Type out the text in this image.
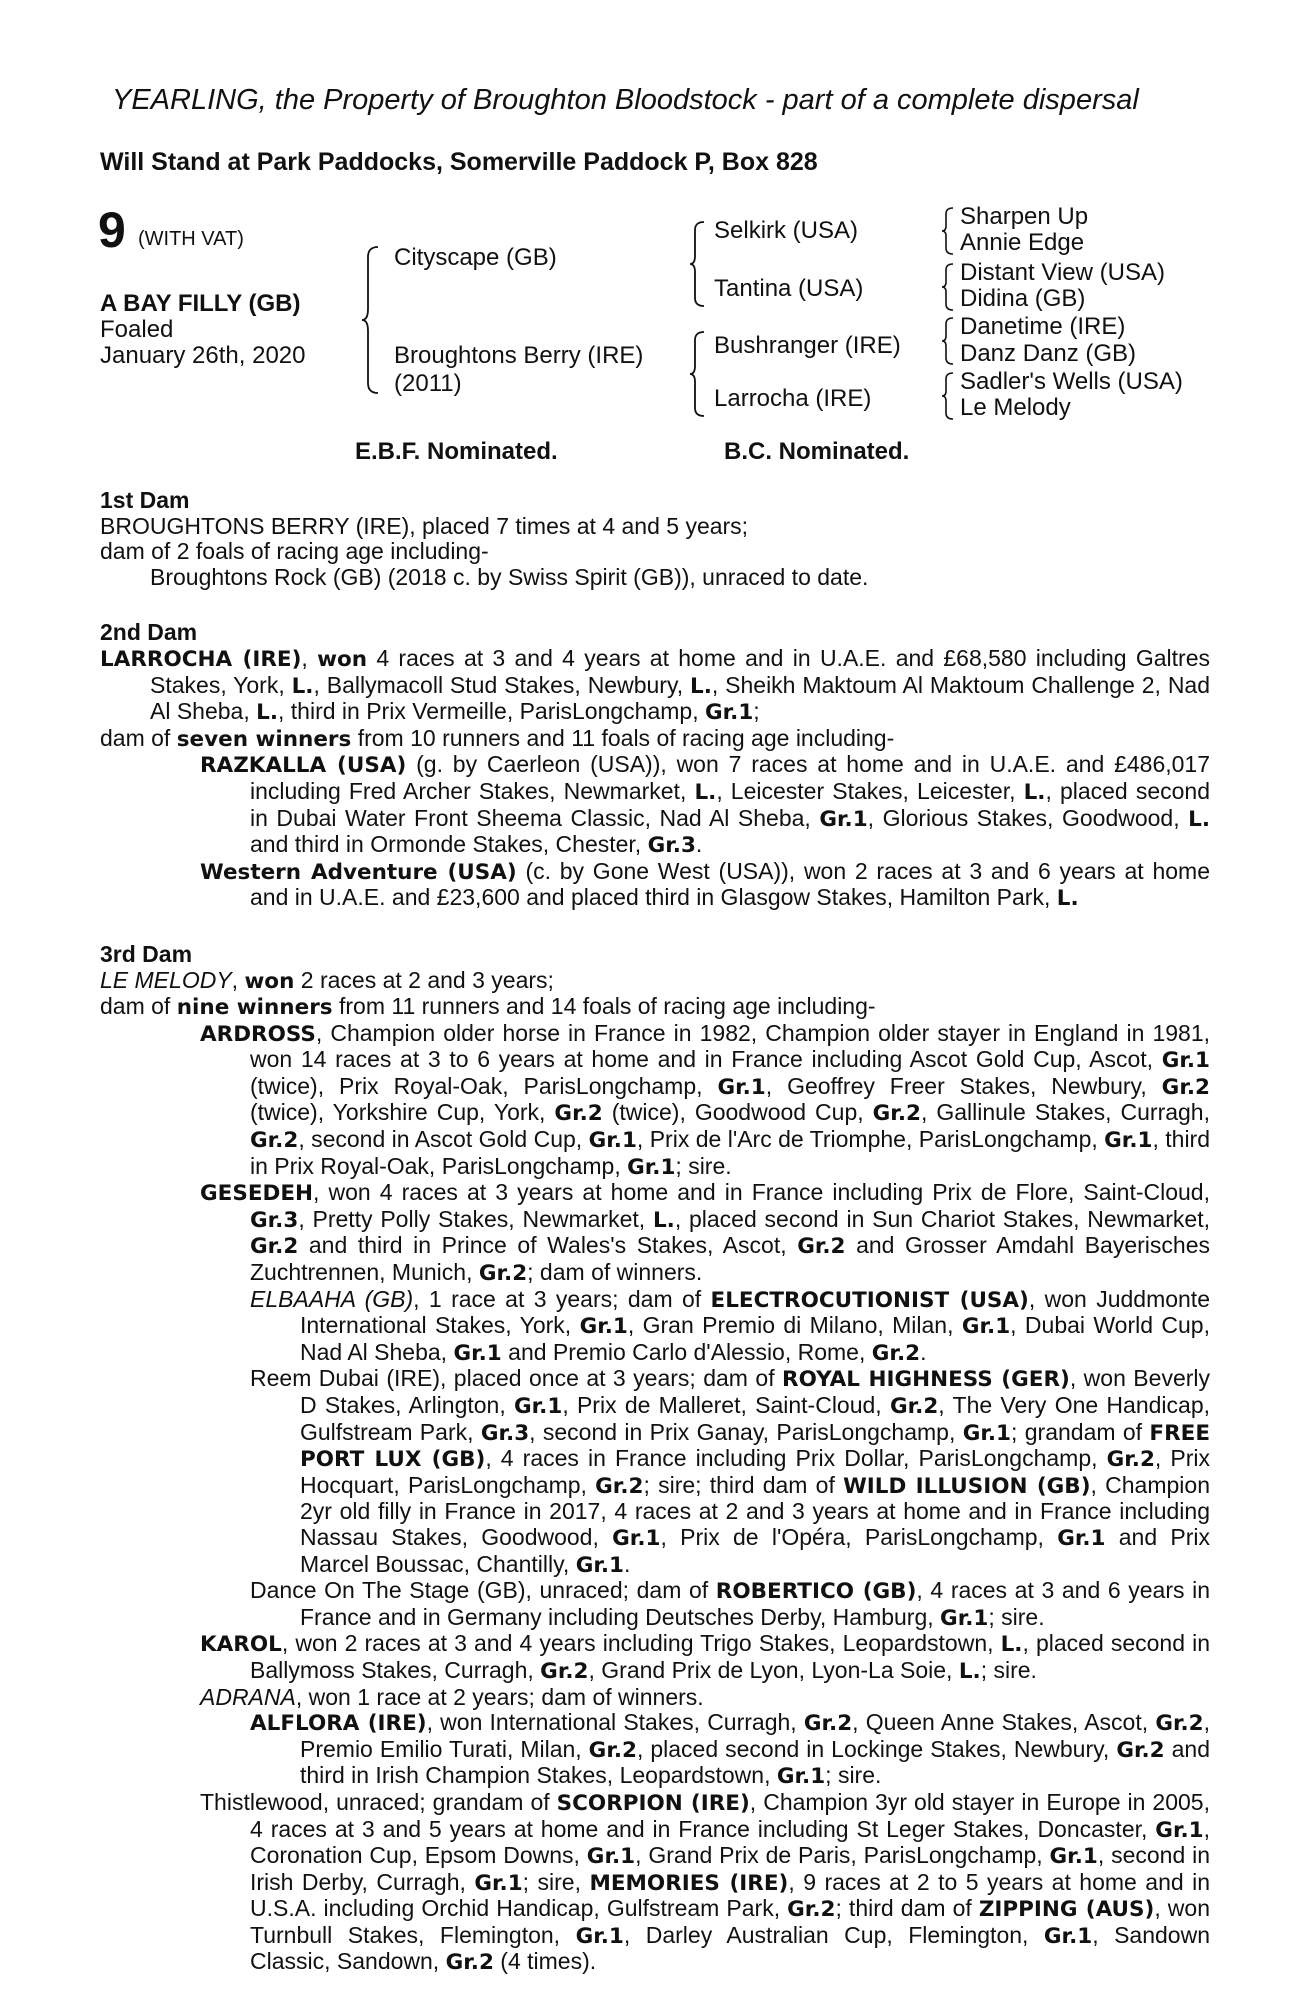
YEARLING, the Property of Broughton Bloodstock - part of a complete dispersal
Will Stand at Park Paddocks, Somerville Paddock P, Box 828
9 (WITH VAT)
A BAY FILLY (GB)
Foaled
January 26th, 2020
Cityscape (GB)
Broughtons Berry (IRE)
(2011)
Selkirk (USA)
Tantina (USA)
Bushranger (IRE)
Larrocha (IRE)
Sharpen Up
Annie Edge
Distant View (USA)
Didina (GB)
Danetime (IRE)
Danz Danz (GB)
Sadler's Wells (USA)
Le Melody
E.B.F. Nominated.	B.C. Nominated.
1st Dam
BROUGHTONS BERRY (IRE), placed 7 times at 4 and 5 years;
dam of 2 foals of racing age including-
Broughtons Rock (GB) (2018 c. by Swiss Spirit (GB)), unraced to date.
2nd Dam
LARROCHA (IRE), won 4 races at 3 and 4 years at home and in U.A.E. and £68,580 including Galtres Stakes, York, L., Ballymacoll Stud Stakes, Newbury, L., Sheikh Maktoum Al Maktoum Challenge 2, Nad Al Sheba, L., third in Prix Vermeille, ParisLongchamp, Gr.1;
dam of seven winners from 10 runners and 11 foals of racing age including-
RAZKALLA (USA) (g. by Caerleon (USA)), won 7 races at home and in U.A.E. and £486,017 including Fred Archer Stakes, Newmarket, L., Leicester Stakes, Leicester, L., placed second in Dubai Water Front Sheema Classic, Nad Al Sheba, Gr.1, Glorious Stakes, Goodwood, L. and third in Ormonde Stakes, Chester, Gr.3.
Western Adventure (USA) (c. by Gone West (USA)), won 2 races at 3 and 6 years at home and in U.A.E. and £23,600 and placed third in Glasgow Stakes, Hamilton Park, L.
3rd Dam
LE MELODY, won 2 races at 2 and 3 years;
dam of nine winners from 11 runners and 14 foals of racing age including-
ARDROSS, Champion older horse in France in 1982, Champion older stayer in England in 1981, won 14 races at 3 to 6 years at home and in France including Ascot Gold Cup, Ascot, Gr.1 (twice), Prix Royal-Oak, ParisLongchamp, Gr.1, Geoffrey Freer Stakes, Newbury, Gr.2 (twice), Yorkshire Cup, York, Gr.2 (twice), Goodwood Cup, Gr.2, Gallinule Stakes, Curragh, Gr.2, second in Ascot Gold Cup, Gr.1, Prix de l'Arc de Triomphe, ParisLongchamp, Gr.1, third in Prix Royal-Oak, ParisLongchamp, Gr.1; sire.
GESEDEH, won 4 races at 3 years at home and in France including Prix de Flore, Saint-Cloud, Gr.3, Pretty Polly Stakes, Newmarket, L., placed second in Sun Chariot Stakes, Newmarket, Gr.2 and third in Prince of Wales's Stakes, Ascot, Gr.2 and Grosser Amdahl Bayerisches Zuchtrennen, Munich, Gr.2; dam of winners.
ELBAAHA (GB), 1 race at 3 years; dam of ELECTROCUTIONIST (USA), won Juddmonte International Stakes, York, Gr.1, Gran Premio di Milano, Milan, Gr.1, Dubai World Cup, Nad Al Sheba, Gr.1 and Premio Carlo d'Alessio, Rome, Gr.2.
Reem Dubai (IRE), placed once at 3 years; dam of ROYAL HIGHNESS (GER), won Beverly D Stakes, Arlington, Gr.1, Prix de Malleret, Saint-Cloud, Gr.2, The Very One Handicap, Gulfstream Park, Gr.3, second in Prix Ganay, ParisLongchamp, Gr.1; grandam of FREE PORT LUX (GB), 4 races in France including Prix Dollar, ParisLongchamp, Gr.2, Prix Hocquart, ParisLongchamp, Gr.2; sire; third dam of WILD ILLUSION (GB), Champion 2yr old filly in France in 2017, 4 races at 2 and 3 years at home and in France including Nassau Stakes, Goodwood, Gr.1, Prix de l'Opéra, ParisLongchamp, Gr.1 and Prix Marcel Boussac, Chantilly, Gr.1.
Dance On The Stage (GB), unraced; dam of ROBERTICO (GB), 4 races at 3 and 6 years in France and in Germany including Deutsches Derby, Hamburg, Gr.1; sire.
KAROL, won 2 races at 3 and 4 years including Trigo Stakes, Leopardstown, L., placed second in Ballymoss Stakes, Curragh, Gr.2, Grand Prix de Lyon, Lyon-La Soie, L.; sire.
ADRANA, won 1 race at 2 years; dam of winners.
ALFLORA (IRE), won International Stakes, Curragh, Gr.2, Queen Anne Stakes, Ascot, Gr.2, Premio Emilio Turati, Milan, Gr.2, placed second in Lockinge Stakes, Newbury, Gr.2 and third in Irish Champion Stakes, Leopardstown, Gr.1; sire.
Thistlewood, unraced; grandam of SCORPION (IRE), Champion 3yr old stayer in Europe in 2005, 4 races at 3 and 5 years at home and in France including St Leger Stakes, Doncaster, Gr.1, Coronation Cup, Epsom Downs, Gr.1, Grand Prix de Paris, ParisLongchamp, Gr.1, second in Irish Derby, Curragh, Gr.1; sire, MEMORIES (IRE), 9 races at 2 to 5 years at home and in U.S.A. including Orchid Handicap, Gulfstream Park, Gr.2; third dam of ZIPPING (AUS), won Turnbull Stakes, Flemington, Gr.1, Darley Australian Cup, Flemington, Gr.1, Sandown Classic, Sandown, Gr.2 (4 times).
